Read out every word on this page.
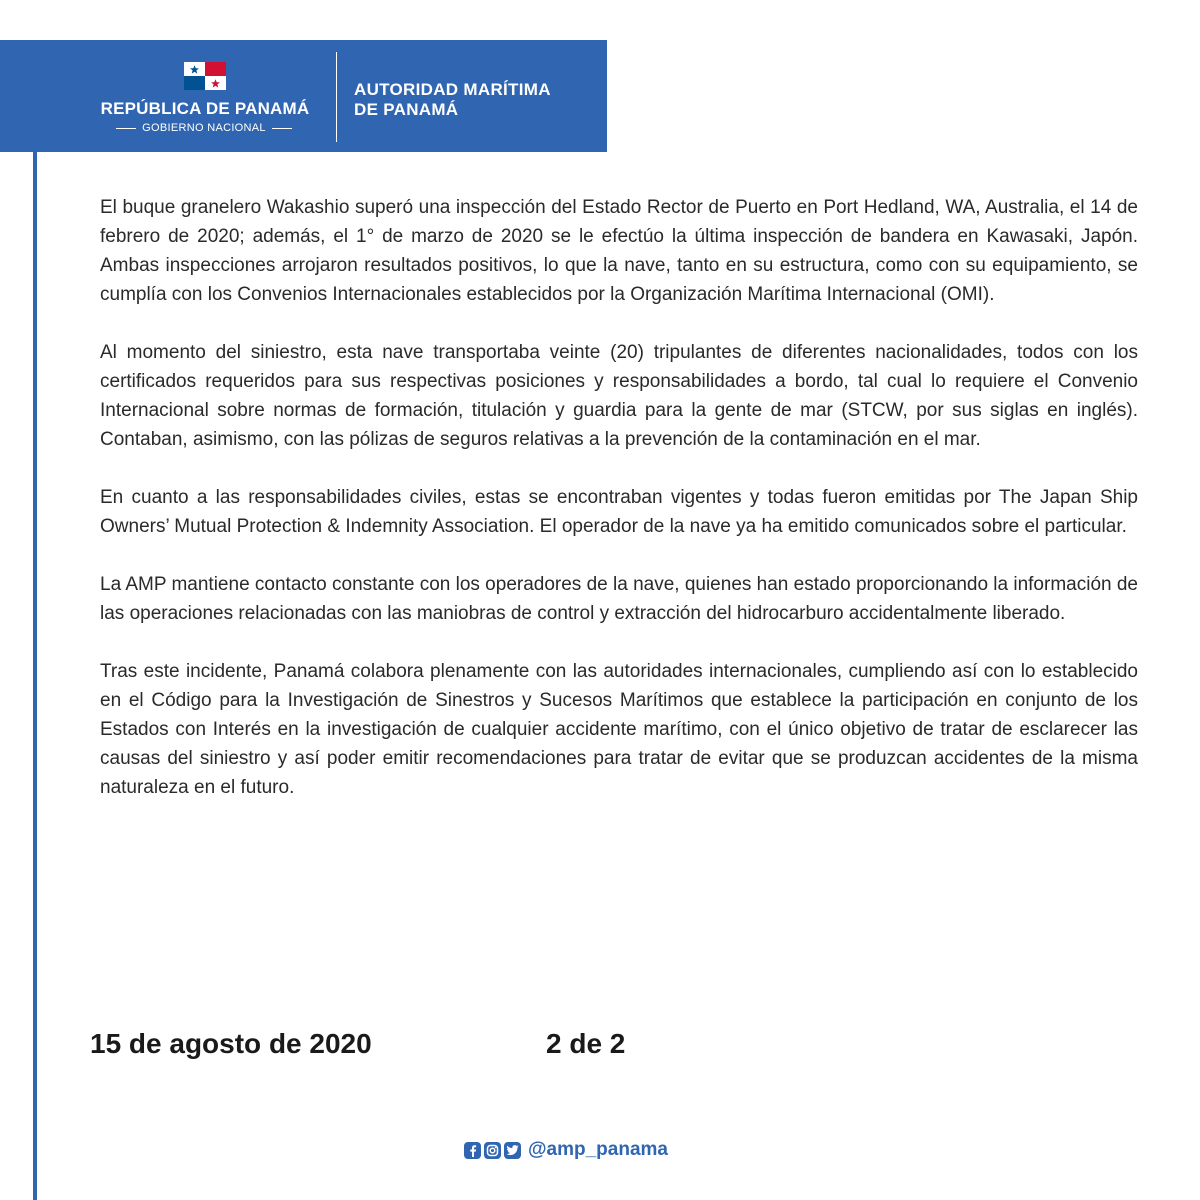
REPÚBLICA DE PANAMÁ
GOBIERNO NACIONAL
AUTORIDAD MARÍTIMA
DE PANAMÁ

El buque granelero Wakashio superó una inspección del Estado Rector de Puerto en Port Hedland, WA, Australia, el 14 de febrero de 2020; además, el 1° de marzo de 2020 se le efectúo la última inspección de bandera en Kawasaki, Japón. Ambas inspecciones arrojaron resultados positivos, lo que la nave, tanto en su estructura, como con su equipamiento, se cumplía con los Convenios Internacionales establecidos por la Organización Marítima Internacional (OMI).

Al momento del siniestro, esta nave transportaba veinte (20) tripulantes de diferentes nacionalidades, todos con los certificados requeridos para sus respectivas posiciones y responsabilidades a bordo, tal cual lo requiere el Convenio Internacional sobre normas de formación, titulación y guardia para la gente de mar (STCW, por sus siglas en inglés). Contaban, asimismo, con las pólizas de seguros relativas a la prevención de la contaminación en el mar.

En cuanto a las responsabilidades civiles, estas se encontraban vigentes y todas fueron emitidas por The Japan Ship Owners’ Mutual Protection & Indemnity Association. El operador de la nave ya ha emitido comunicados sobre el particular.

La AMP mantiene contacto constante con los operadores de la nave, quienes han estado proporcionando la información de las operaciones relacionadas con las maniobras de control y extracción del hidrocarburo accidentalmente liberado.

Tras este incidente, Panamá colabora plenamente con las autoridades internacionales, cumpliendo así con lo establecido en el Código para la Investigación de Sinestros y Sucesos Marítimos que establece la participación en conjunto de los Estados con Interés en la investigación de cualquier accidente marítimo, con el único objetivo de tratar de esclarecer las causas del siniestro y así poder emitir recomendaciones para tratar de evitar que se produzcan accidentes de la misma naturaleza en el futuro.

15 de agosto de 2020	2 de 2
@amp_panama
